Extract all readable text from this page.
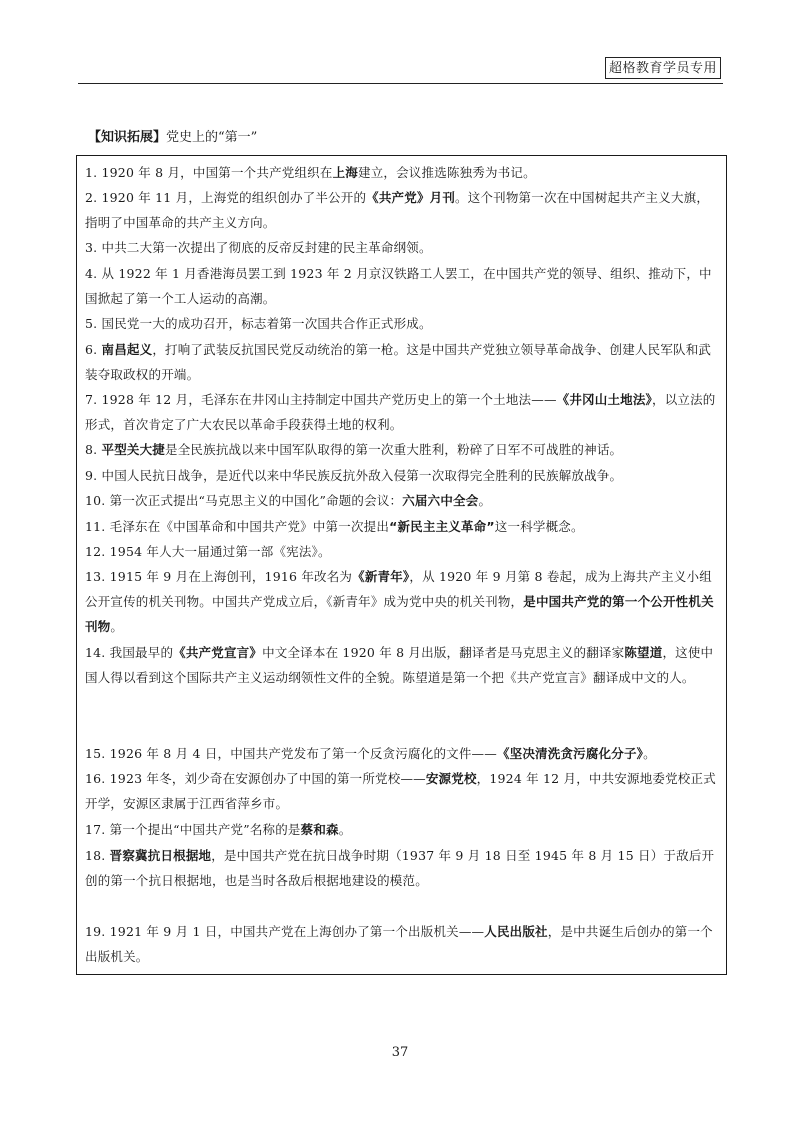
超格教育学员专用
【知识拓展】党史上的“第一”
1. 1920 年 8 月，中国第一个共产党组织在上海建立，会议推选陈独秀为书记。
2. 1920 年 11 月，上海党的组织创办了半公开的《共产党》月刊。这个刊物第一次在中国树起共产主义大旗，指明了中国革命的共产主义方向。
3. 中共二大第一次提出了彻底的反帝反封建的民主革命纲领。
4. 从 1922 年 1 月香港海员罢工到 1923 年 2 月京汉铁路工人罢工，在中国共产党的领导、组织、推动下，中国掀起了第一个工人运动的高潮。
5. 国民党一大的成功召开，标志着第一次国共合作正式形成。
6. 南昌起义，打响了武装反抗国民党反动统治的第一枪。这是中国共产党独立领导革命战争、创建人民军队和武装夺取政权的开端。
7. 1928 年 12 月，毛泽东在井冈山主持制定中国共产党历史上的第一个土地法——《井冈山土地法》，以立法的形式，首次肯定了广大农民以革命手段获得土地的权利。
8. 平型关大捷是全民族抗战以来中国军队取得的第一次重大胜利，粉碎了日军不可战胜的神话。
9. 中国人民抗日战争，是近代以来中华民族反抗外敌入侵第一次取得完全胜利的民族解放战争。
10. 第一次正式提出“马克思主义的中国化”命题的会议：六届六中全会。
11. 毛泽东在《中国革命和中国共产党》中第一次提出“新民主主义革命”这一科学概念。
12. 1954 年人大一届通过第一部《宪法》。
13. 1915 年 9 月在上海创刊，1916 年改名为《新青年》，从 1920 年 9 月第 8 卷起，成为上海共产主义小组公开宣传的机关刊物。中国共产党成立后，《新青年》成为党中央的机关刊物，是中国共产党的第一个公开性机关刊物。
14. 我国最早的《共产党宣言》中文全译本在 1920 年 8 月出版，翻译者是马克思主义的翻译家陈望道，这使中国人得以看到这个国际共产主义运动纲领性文件的全貌。陈望道是第一个把《共产党宣言》翻译成中文的人。
15. 1926 年 8 月 4 日，中国共产党发布了第一个反贪污腐化的文件——《坚决清洗贪污腐化分子》。
16. 1923 年冬，刘少奇在安源创办了中国的第一所党校——安源党校，1924 年 12 月，中共安源地委党校正式开学，安源区隶属于江西省萍乡市。
17. 第一个提出“中国共产党”名称的是蔡和森。
18. 晋察冀抗日根据地，是中国共产党在抗日战争时期（1937 年 9 月 18 日至 1945 年 8 月 15 日）于敌后开创的第一个抗日根据地，也是当时各敌后根据地建设的模范。
19. 1921 年 9 月 1 日，中国共产党在上海创办了第一个出版机关——人民出版社，是中共诞生后创办的第一个出版机关。
37
